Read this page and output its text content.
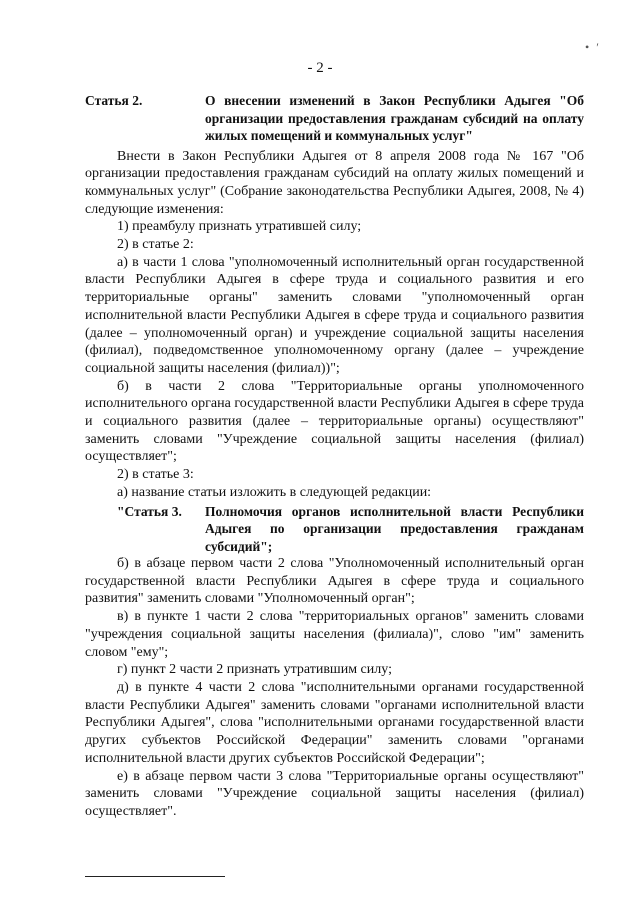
• ′
- 2 -
Статья 2.	О внесении изменений в Закон Республики Адыгея "Об организации предоставления гражданам субсидий на оплату жилых помещений и коммунальных услуг"

Внести в Закон Республики Адыгея от 8 апреля 2008 года № 167 "Об организации предоставления гражданам субсидий на оплату жилых помещений и коммунальных услуг" (Собрание законодательства Республики Адыгея, 2008, № 4) следующие изменения:

1) преамбулу признать утратившей силу;

2) в статье 2:

а) в части 1 слова "уполномоченный исполнительный орган государственной власти Республики Адыгея в сфере труда и социального развития и его территориальные органы" заменить словами "уполномоченный орган исполнительной власти Республики Адыгея в сфере труда и социального развития (далее – уполномоченный орган) и учреждение социальной защиты населения (филиал), подведомственное уполномоченному органу (далее – учреждение социальной защиты населения (филиал))";

б) в части 2 слова "Территориальные органы уполномоченного исполнительного органа государственной власти Республики Адыгея в сфере труда и социального развития (далее – территориальные органы) осуществляют" заменить словами "Учреждение социальной защиты населения (филиал) осуществляет";

2) в статье 3:

а) название статьи изложить в следующей редакции:

"Статья 3.	Полномочия органов исполнительной власти Республики Адыгея по организации предоставления гражданам субсидий";

б) в абзаце первом части 2 слова "Уполномоченный исполнительный орган государственной власти Республики Адыгея в сфере труда и социального развития" заменить словами "Уполномоченный орган";

в) в пункте 1 части 2 слова "территориальных органов" заменить словами "учреждения социальной защиты населения (филиала)", слово "им" заменить словом "ему";

г) пункт 2 части 2 признать утратившим силу;

д) в пункте 4 части 2 слова "исполнительными органами государственной власти Республики Адыгея" заменить словами "органами исполнительной власти Республики Адыгея", слова "исполнительными органами государственной власти других субъектов Российской Федерации" заменить словами "органами исполнительной власти других субъектов Российской Федерации";

е) в абзаце первом части 3 слова "Территориальные органы осуществляют" заменить словами "Учреждение социальной защиты населения (филиал) осуществляет".
